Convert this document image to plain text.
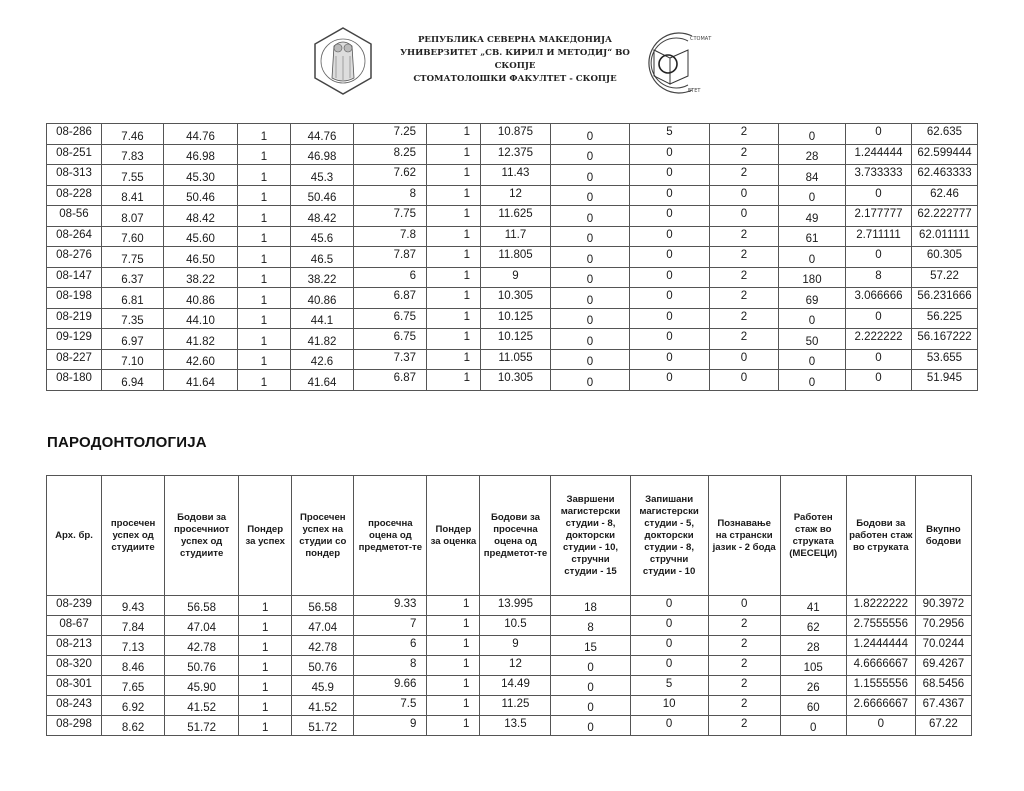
РЕПУБЛИКА СЕВЕРНА МАКЕДОНИЈА
УНИВЕРЗИТЕТ „СВ. КИРИЛ И МЕТОДИЈ“ ВО СКОПЈЕ
СТОМАТОЛОШКИ ФАКУЛТЕТ - СКОПЈЕ
СТОМАТ
ЕТЕТ
08-286	7.46	44.76	1	44.76	7.25	1	10.875	0	5	2	0	0	62.635
08-251	7.83	46.98	1	46.98	8.25	1	12.375	0	0	2	28	1.244444	62.599444
08-313	7.55	45.30	1	45.3	7.62	1	11.43	0	0	2	84	3.733333	62.463333
08-228	8.41	50.46	1	50.46	8	1	12	0	0	0	0	0	62.46
08-56	8.07	48.42	1	48.42	7.75	1	11.625	0	0	0	49	2.177777	62.222777
08-264	7.60	45.60	1	45.6	7.8	1	11.7	0	0	2	61	2.711111	62.011111
08-276	7.75	46.50	1	46.5	7.87	1	11.805	0	0	2	0	0	60.305
08-147	6.37	38.22	1	38.22	6	1	9	0	0	2	180	8	57.22
08-198	6.81	40.86	1	40.86	6.87	1	10.305	0	0	2	69	3.066666	56.231666
08-219	7.35	44.10	1	44.1	6.75	1	10.125	0	0	2	0	0	56.225
09-129	6.97	41.82	1	41.82	6.75	1	10.125	0	0	2	50	2.222222	56.167222
08-227	7.10	42.60	1	42.6	7.37	1	11.055	0	0	0	0	0	53.655
08-180	6.94	41.64	1	41.64	6.87	1	10.305	0	0	0	0	0	51.945
ПАРОДОНТОЛОГИЈА
Арх. бр.	просечен успех од студиите	Бодови за просечниот успех од студиите	Пондер за успех	Просечен успех на студии со пондер	просечна оцена од предметот-те	Пондер за оценка	Бодови за просечна оцена од предметот-те	Завршени магистерски студии - 8, докторски студии - 10, стручни студии - 15	Запишани магистерски студии - 5, докторски студии - 8, стручни студии - 10	Познавање на странски јазик - 2 бода	Работен стаж во струката (МЕСЕЦИ)	Бодови за работен стаж во струката	Вкупно бодови
08-239	9.43	56.58	1	56.58	9.33	1	13.995	18	0	0	41	1.8222222	90.3972
08-67	7.84	47.04	1	47.04	7	1	10.5	8	0	2	62	2.7555556	70.2956
08-213	7.13	42.78	1	42.78	6	1	9	15	0	2	28	1.2444444	70.0244
08-320	8.46	50.76	1	50.76	8	1	12	0	0	2	105	4.6666667	69.4267
08-301	7.65	45.90	1	45.9	9.66	1	14.49	0	5	2	26	1.1555556	68.5456
08-243	6.92	41.52	1	41.52	7.5	1	11.25	0	10	2	60	2.6666667	67.4367
08-298	8.62	51.72	1	51.72	9	1	13.5	0	0	2	0	0	67.22
